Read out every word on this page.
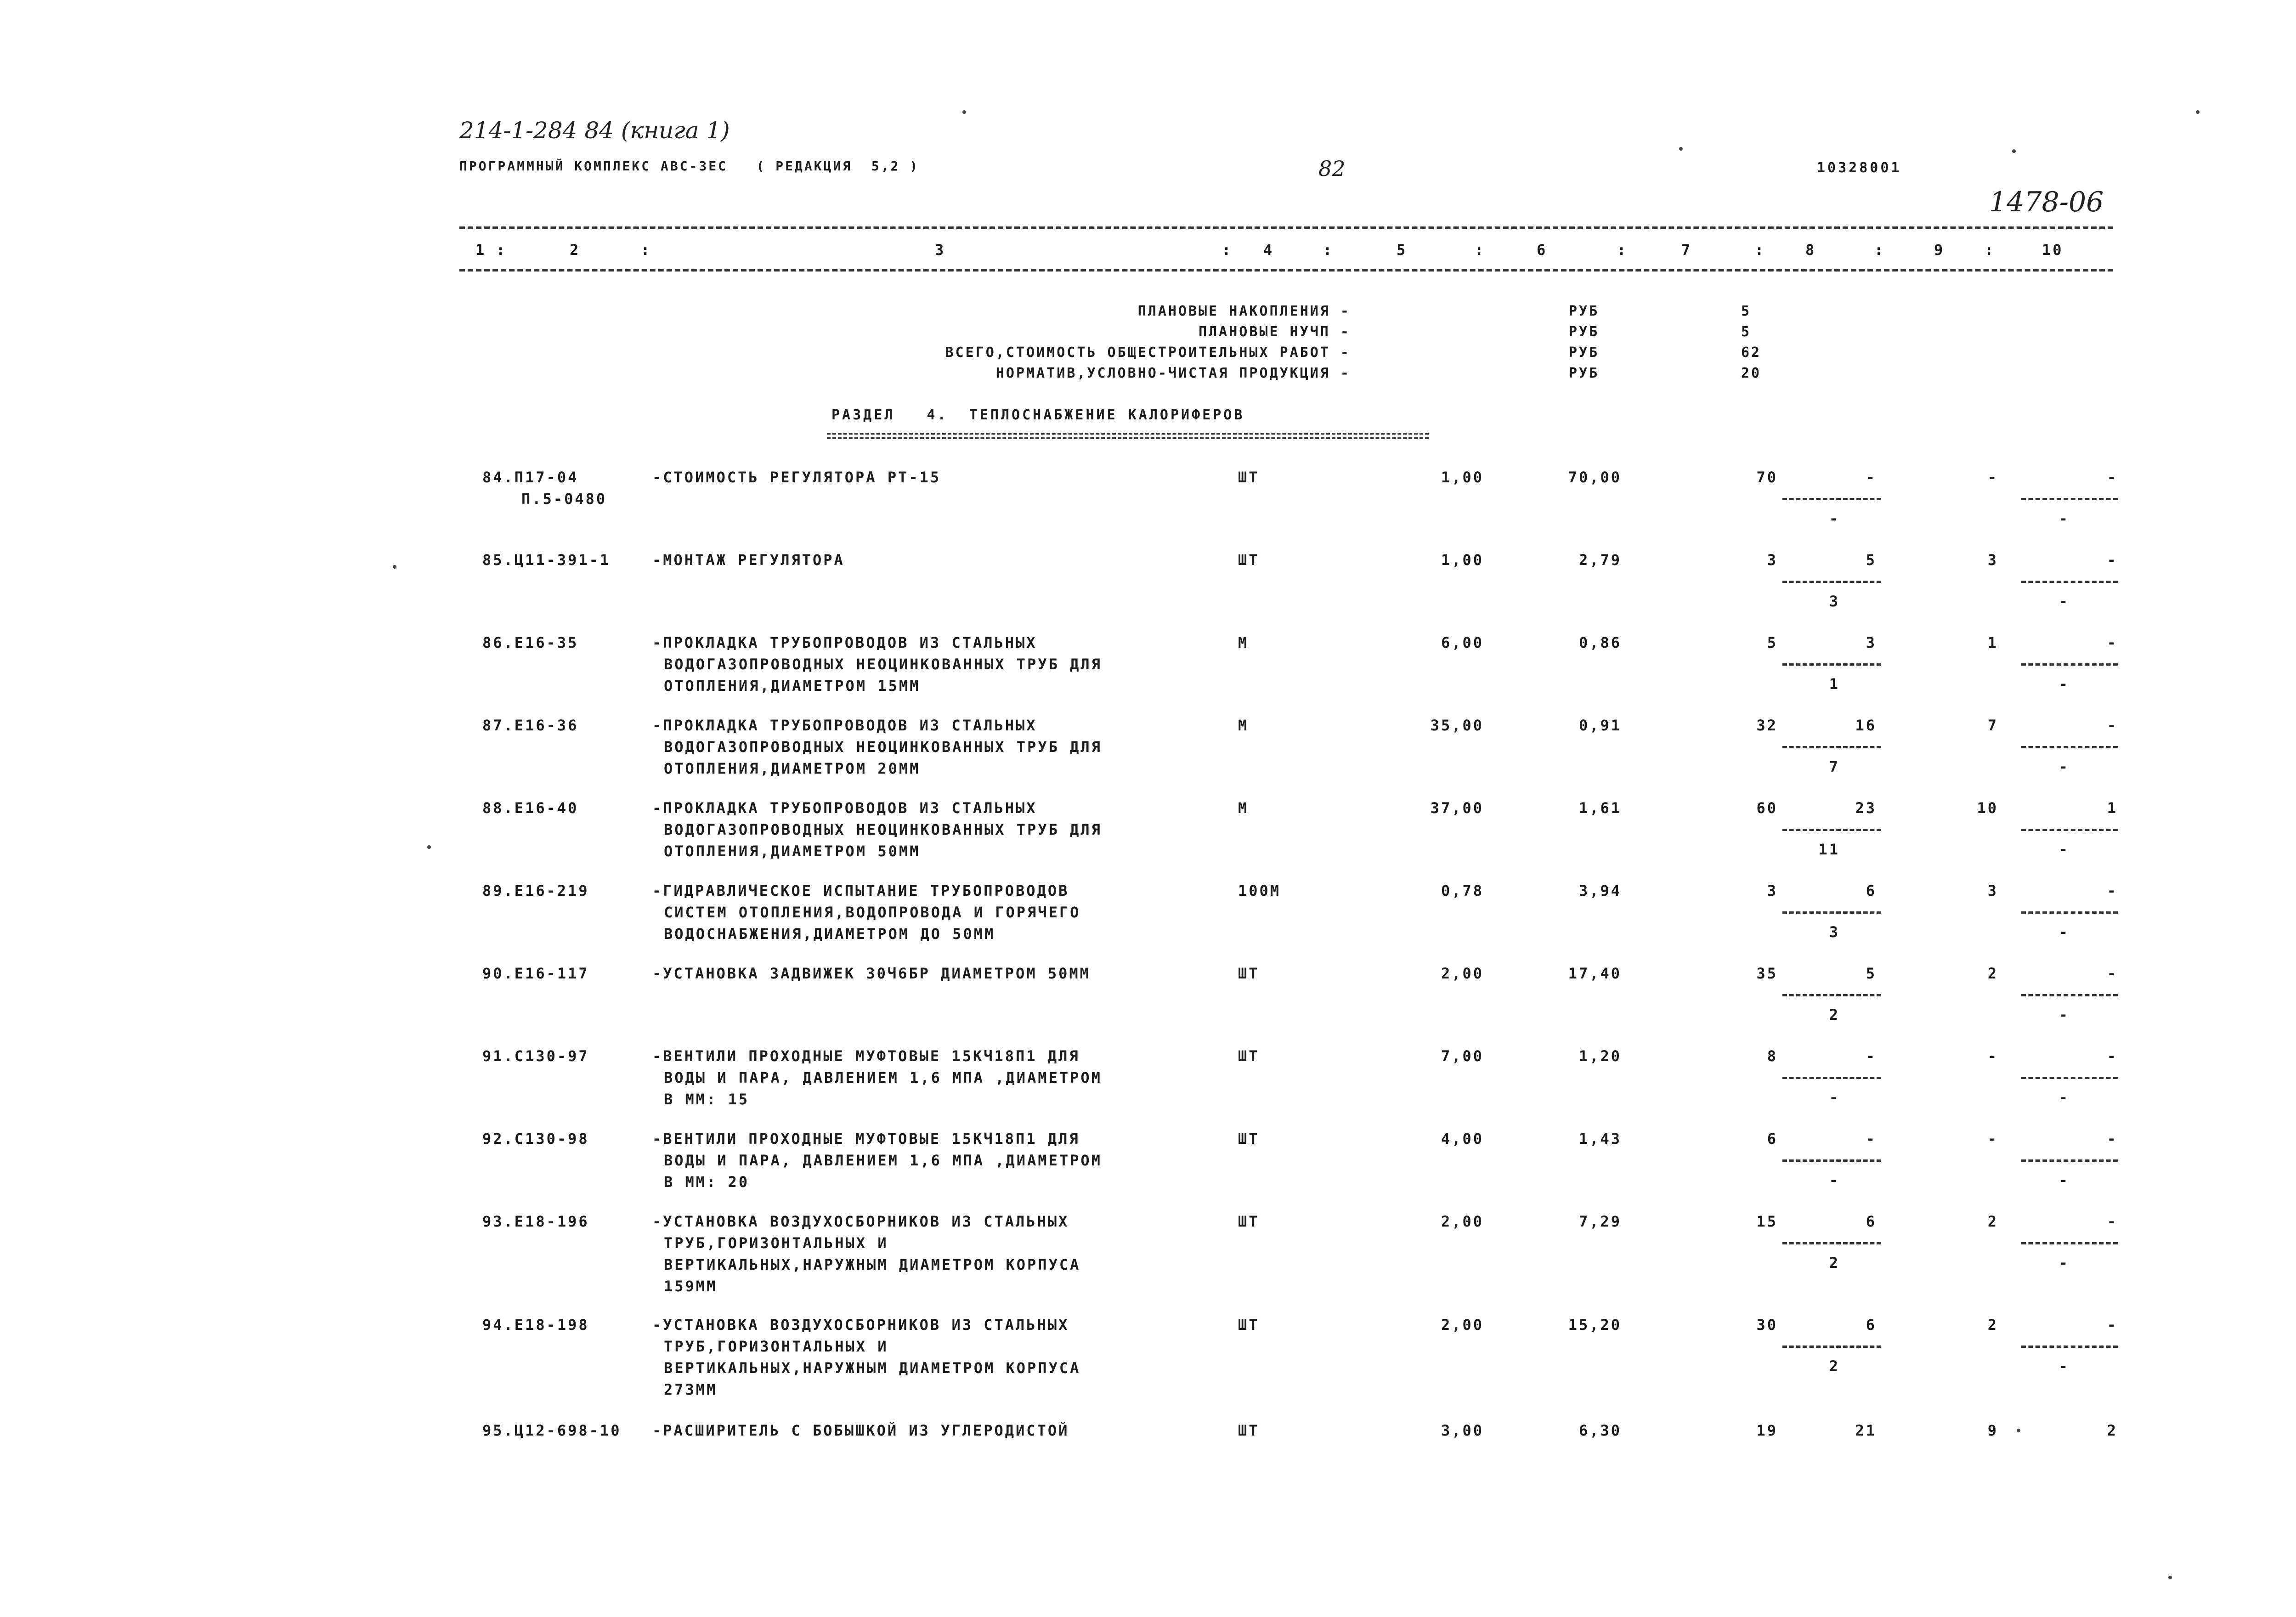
214-1-284 84 (книга 1)
ПРОГРАММНЫЙ КОМПЛЕКС АВС-ЗЕС   ( РЕДАКЦИЯ  5,2 )	82	10328001
1478-06
1	2	3	4	5	6	7	8	9	10
:	:	:	:	:	:	:	:	:
ПЛАНОВЫЕ НАКОПЛЕНИЯ -	РУБ	5
ПЛАНОВЫЕ НУЧП -	РУБ	5
ВСЕГО,СТОИМОСТЬ ОБЩЕСТРОИТЕЛЬНЫХ РАБОТ -	РУБ	62
НОРМАТИВ,УСЛОВНО-ЧИСТАЯ ПРОДУКЦИЯ -	РУБ	20
РАЗДЕЛ   4.  ТЕПЛОСНАБЖЕНИЕ КАЛОРИФЕРОВ
84.П17-04
П.5-0480
-СТОИМОСТЬ РЕГУЛЯТОРА РТ-15	ШТ	1,00	70,00	70	-	-	-
-	-
85.Ц11-391-1	-МОНТАЖ РЕГУЛЯТОРА	ШТ	1,00	2,79	3	5	3	-
3	-
86.Е16-35	-ПРОКЛАДКА ТРУБОПРОВОДОВ ИЗ СТАЛЬНЫХ
ВОДОГАЗОПРОВОДНЫХ НЕОЦИНКОВАННЫХ ТРУБ ДЛЯ
ОТОПЛЕНИЯ,ДИАМЕТРОМ 15ММ
М	6,00	0,86	5	3	1	-
1	-
87.Е16-36	-ПРОКЛАДКА ТРУБОПРОВОДОВ ИЗ СТАЛЬНЫХ
ВОДОГАЗОПРОВОДНЫХ НЕОЦИНКОВАННЫХ ТРУБ ДЛЯ
ОТОПЛЕНИЯ,ДИАМЕТРОМ 20ММ
М	35,00	0,91	32	16	7	-
7	-
88.Е16-40	-ПРОКЛАДКА ТРУБОПРОВОДОВ ИЗ СТАЛЬНЫХ
ВОДОГАЗОПРОВОДНЫХ НЕОЦИНКОВАННЫХ ТРУБ ДЛЯ
ОТОПЛЕНИЯ,ДИАМЕТРОМ 50ММ
М	37,00	1,61	60	23	10	1
11	-
89.Е16-219	-ГИДРАВЛИЧЕСКОЕ ИСПЫТАНИЕ ТРУБОПРОВОДОВ
СИСТЕМ ОТОПЛЕНИЯ,ВОДОПРОВОДА И ГОРЯЧЕГО
ВОДОСНАБЖЕНИЯ,ДИАМЕТРОМ ДО 50ММ
100М	0,78	3,94	3	6	3	-
3	-
90.Е16-117	-УСТАНОВКА ЗАДВИЖЕК 30Ч6БР ДИАМЕТРОМ 50ММ	ШТ	2,00	17,40	35	5	2	-
2	-
91.С130-97	-ВЕНТИЛИ ПРОХОДНЫЕ МУФТОВЫЕ 15КЧ18П1 ДЛЯ
ВОДЫ И ПАРА, ДАВЛЕНИЕМ 1,6 МПА ,ДИАМЕТРОМ
В ММ: 15
ШТ	7,00	1,20	8	-	-	-
-	-
92.С130-98	-ВЕНТИЛИ ПРОХОДНЫЕ МУФТОВЫЕ 15КЧ18П1 ДЛЯ
ВОДЫ И ПАРА, ДАВЛЕНИЕМ 1,6 МПА ,ДИАМЕТРОМ
В ММ: 20
ШТ	4,00	1,43	6	-	-	-
-	-
93.Е18-196	-УСТАНОВКА ВОЗДУХОСБОРНИКОВ ИЗ СТАЛЬНЫХ
ТРУБ,ГОРИЗОНТАЛЬНЫХ И
ВЕРТИКАЛЬНЫХ,НАРУЖНЫМ ДИАМЕТРОМ КОРПУСА
159ММ
ШТ	2,00	7,29	15	6	2	-
2	-
94.Е18-198	-УСТАНОВКА ВОЗДУХОСБОРНИКОВ ИЗ СТАЛЬНЫХ
ТРУБ,ГОРИЗОНТАЛЬНЫХ И
ВЕРТИКАЛЬНЫХ,НАРУЖНЫМ ДИАМЕТРОМ КОРПУСА
273ММ
ШТ	2,00	15,20	30	6	2	-
2	-
95.Ц12-698-10 -РАСШИРИТЕЛЬ С БОБЫШКОЙ ИЗ УГЛЕРОДИСТОЙ	ШТ	3,00	6,30	19	21	9	2
